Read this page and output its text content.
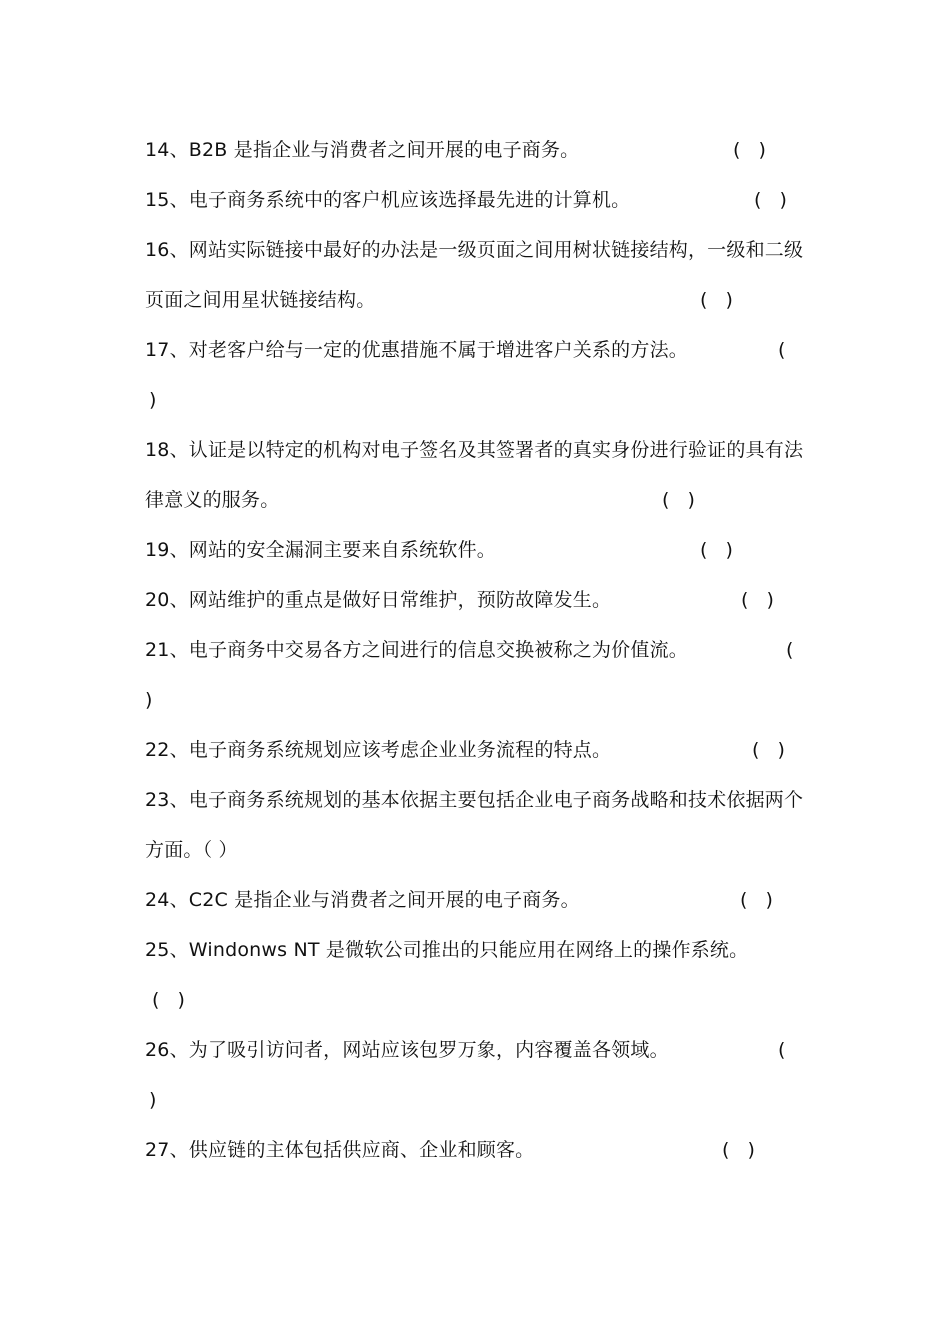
14、B2B 是指企业与消费者之间开展的电子商务。	(   )
15、电子商务系统中的客户机应该选择最先进的计算机。	(   )
16、网站实际链接中最好的办法是一级页面之间用树状链接结构，一级和二级
页面之间用星状链接结构。	(   )
17、对老客户给与一定的优惠措施不属于增进客户关系的方法。	(
)
18、认证是以特定的机构对电子签名及其签署者的真实身份进行验证的具有法
律意义的服务。	(   )
19、网站的安全漏洞主要来自系统软件。	(   )
20、网站维护的重点是做好日常维护，预防故障发生。	(   )
21、电子商务中交易各方之间进行的信息交换被称之为价值流。	(
)
22、电子商务系统规划应该考虑企业业务流程的特点。	(   )
23、电子商务系统规划的基本依据主要包括企业电子商务战略和技术依据两个
方面。（ ）
24、C2C 是指企业与消费者之间开展的电子商务。	(   )
25、Windonws NT 是微软公司推出的只能应用在网络上的操作系统。
(   )
26、为了吸引访问者，网站应该包罗万象，内容覆盖各领域。	(
)
27、供应链的主体包括供应商、企业和顾客。	(   )
